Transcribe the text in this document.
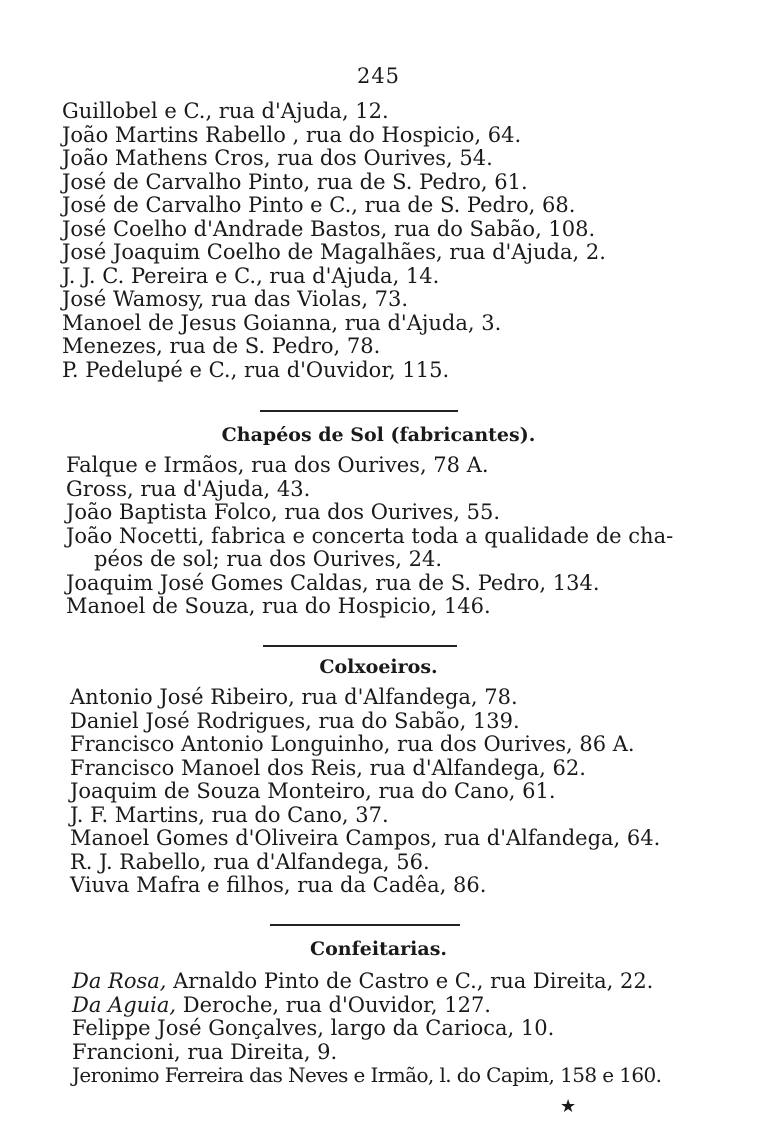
245

Guillobel e C., rua d'Ajuda, 12.

João Martins Rabello , rua do Hospicio, 64.

João Mathens Cros, rua dos Ourives, 54.

José de Carvalho Pinto, rua de S. Pedro, 61.

José de Carvalho Pinto e C., rua de S. Pedro, 68.

José Coelho d'Andrade Bastos, rua do Sabão, 108.

José Joaquim Coelho de Magalhães, rua d'Ajuda, 2.

J. J. C. Pereira e C., rua d'Ajuda, 14.

José Wamosy, rua das Violas, 73.

Manoel de Jesus Goianna, rua d'Ajuda, 3.

Menezes, rua de S. Pedro, 78.

P. Pedelupé e C., rua d'Ouvidor, 115.

Chapéos de Sol (fabricantes).

Falque e Irmãos, rua dos Ourives, 78 A.

Gross, rua d'Ajuda, 43.

João Baptista Folco, rua dos Ourives, 55.

João Nocetti, fabrica e concerta toda a qualidade de cha-

péos de sol; rua dos Ourives, 24.

Joaquim José Gomes Caldas, rua de S. Pedro, 134.

Manoel de Souza, rua do Hospicio, 146.

Colxoeiros.

Antonio José Ribeiro, rua d'Alfandega, 78.

Daniel José Rodrigues, rua do Sabão, 139.

Francisco Antonio Longuinho, rua dos Ourives, 86 A.

Francisco Manoel dos Reis, rua d'Alfandega, 62.

Joaquim de Souza Monteiro, rua do Cano, 61.

J. F. Martins, rua do Cano, 37.

Manoel Gomes d'Oliveira Campos, rua d'Alfandega, 64.

R. J. Rabello, rua d'Alfandega, 56.

Viuva Mafra e filhos, rua da Cadêa, 86.

Confeitarias.

Da Rosa, Arnaldo Pinto de Castro e C., rua Direita, 22.

Da Aguia, Deroche, rua d'Ouvidor, 127.

Felippe José Gonçalves, largo da Carioca, 10.

Francioni, rua Direita, 9.

Jeronimo Ferreira das Neves e Irmão, l. do Capim, 158 e 160.

★
